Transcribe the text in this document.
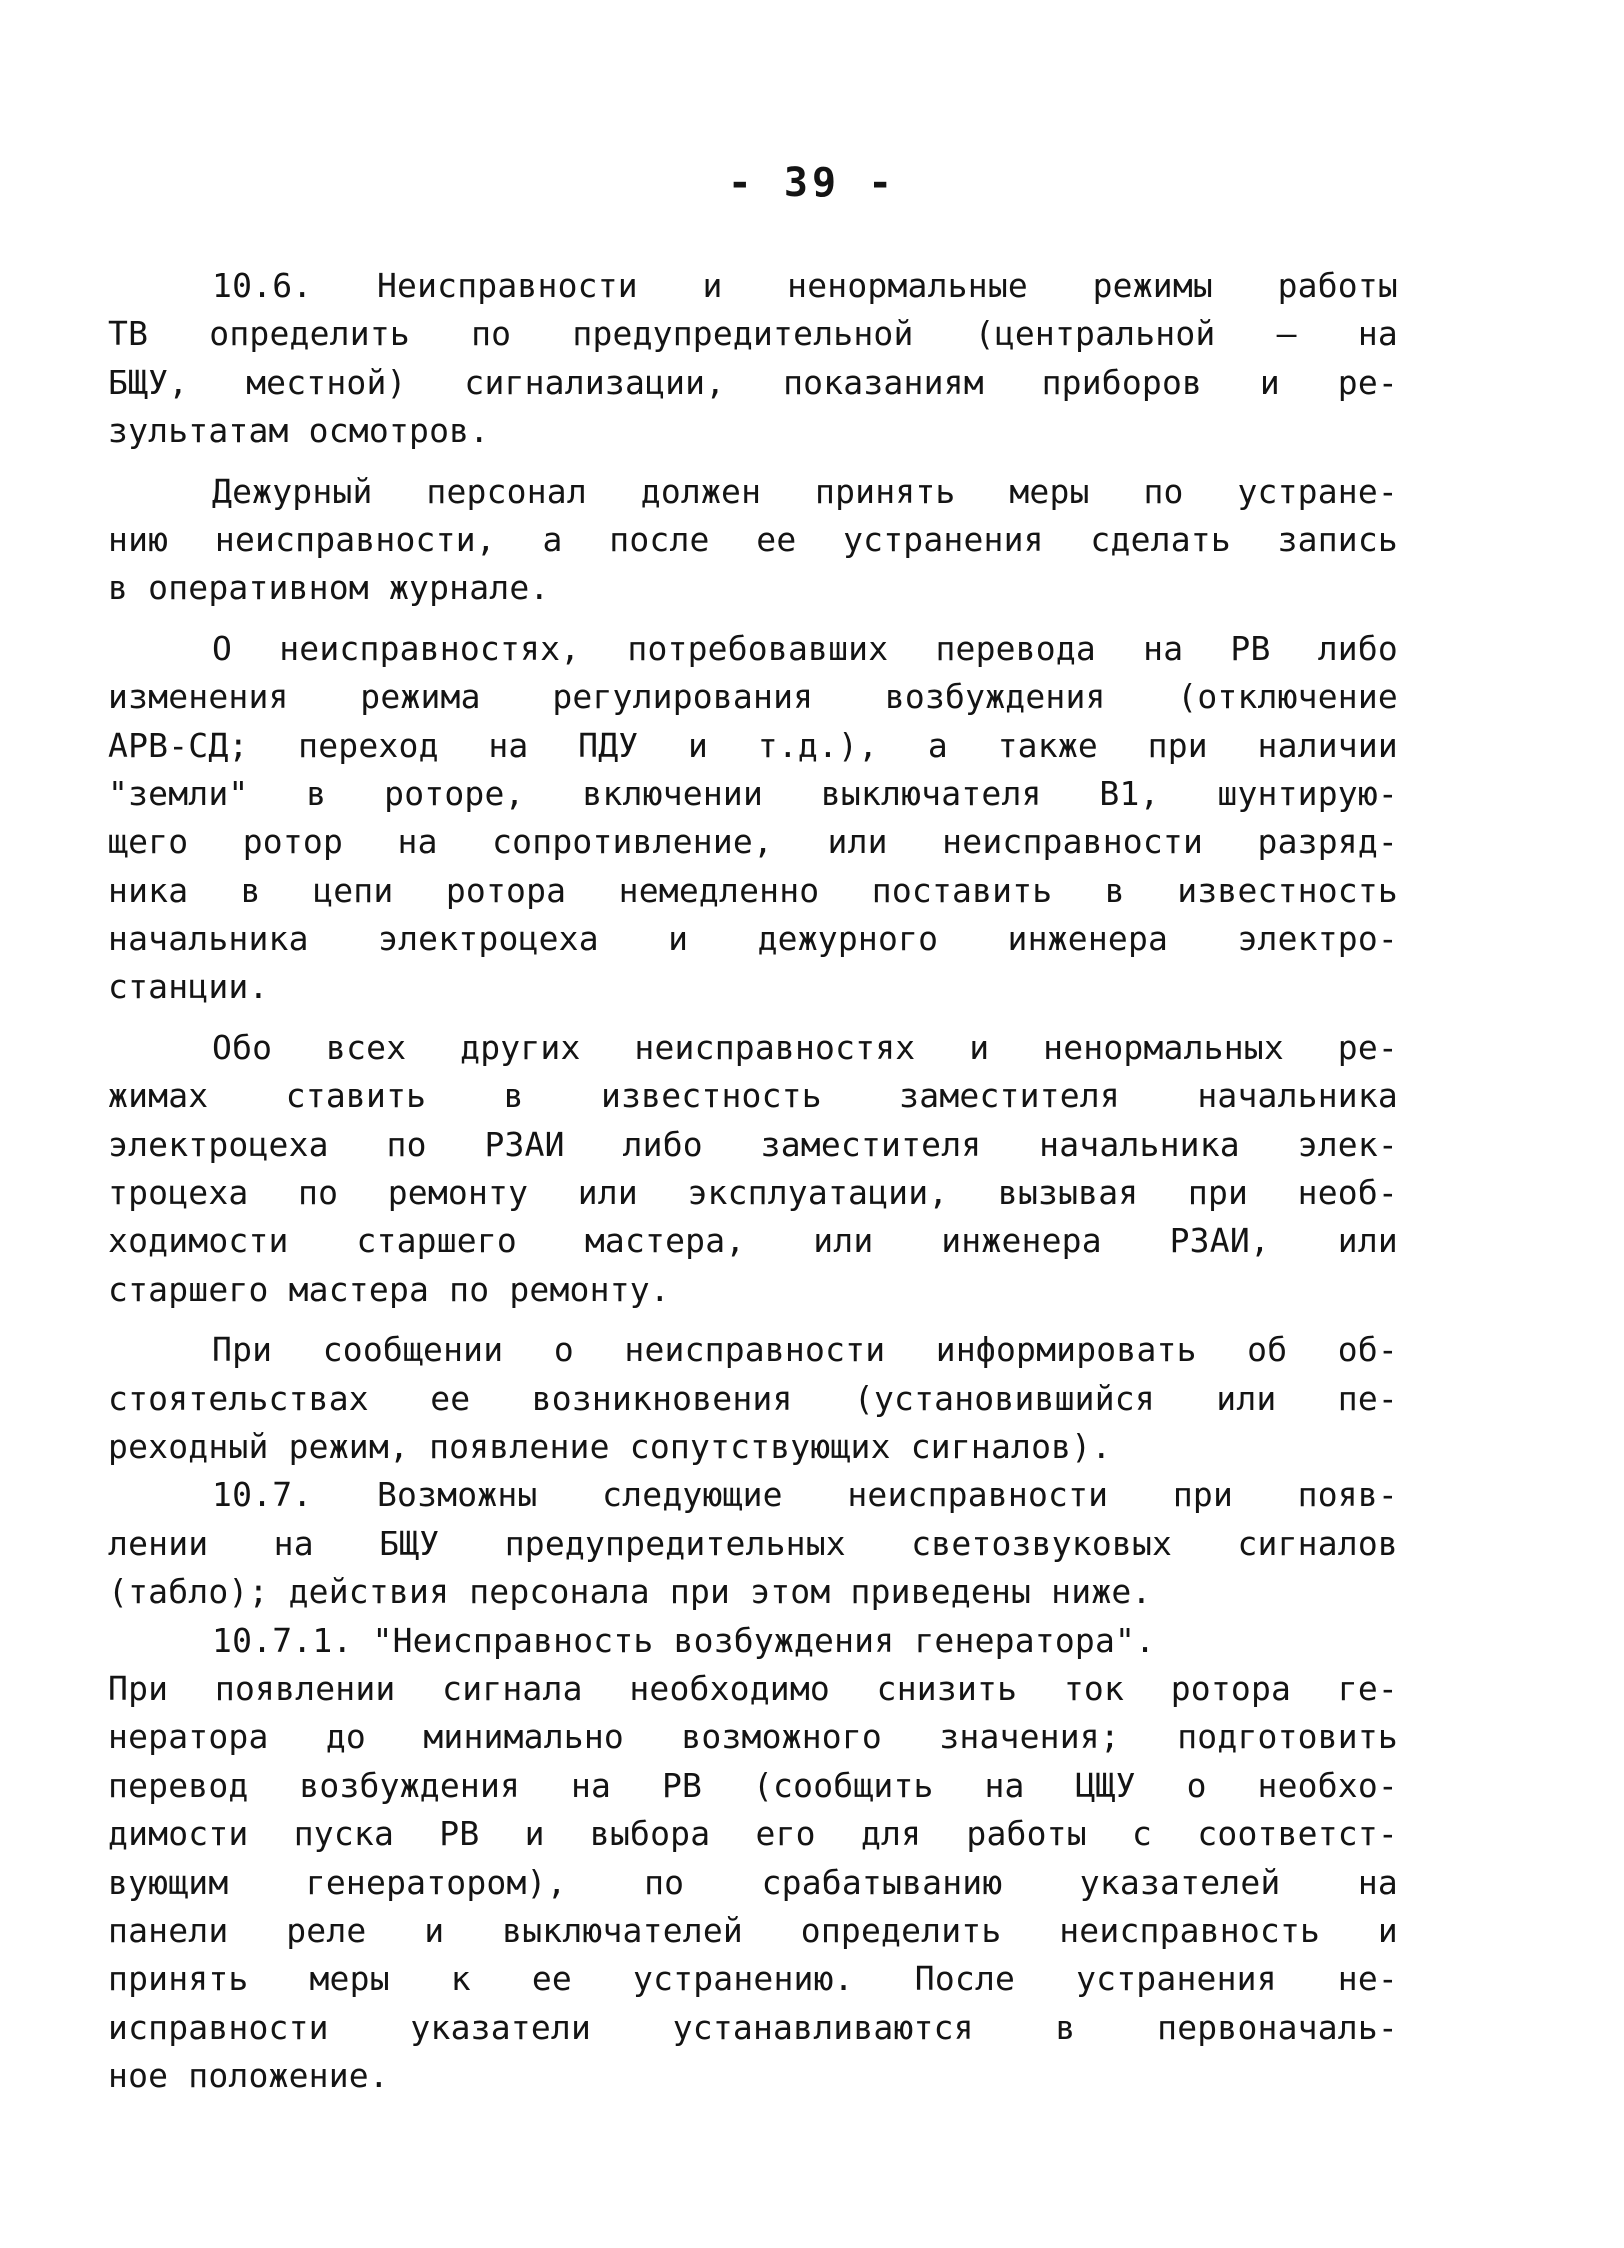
- 39 -
10.6. Неисправности и ненормальные режимы работы
ТВ определить по предупредительной (центральной — на
БЩУ, местной) сигнализации, показаниям приборов и ре-
зультатам осмотров.
Дежурный персонал должен принять меры по устране-
нию неисправности, а после ее устранения сделать запись
в оперативном журнале.
О неисправностях, потребовавших перевода на РВ либо
изменения режима регулирования возбуждения (отключение
АРВ-СД; переход на ПДУ и т.д.), а также при наличии
"земли" в роторе, включении выключателя В1, шунтирую-
щего ротор на сопротивление, или неисправности разряд-
ника в цепи ротора немедленно поставить в известность
начальника электроцеха и дежурного инженера электро-
станции.
Обо всех других неисправностях и ненормальных ре-
жимах ставить в известность заместителя начальника
электроцеха по РЗАИ либо заместителя начальника элек-
троцеха по ремонту или эксплуатации, вызывая при необ-
ходимости старшего мастера, или инженера РЗАИ, или
старшего мастера по ремонту.
При сообщении о неисправности информировать об об-
стоятельствах ее возникновения (установившийся или пе-
реходный режим, появление сопутствующих сигналов).
10.7. Возможны следующие неисправности при появ-
лении на БЩУ предупредительных светозвуковых сигналов
(табло); действия персонала при этом приведены ниже.
10.7.1. "Неисправность возбуждения генератора".
При появлении сигнала необходимо снизить ток ротора ге-
нератора до минимально возможного значения; подготовить
перевод возбуждения на РВ (сообщить на ЦЩУ о необхо-
димости пуска РВ и выбора его для работы с соответст-
вующим генератором), по срабатыванию указателей на
панели реле и выключателей определить неисправность и
принять меры к ее устранению. После устранения не-
исправности указатели устанавливаются в первоначаль-
ное положение.
